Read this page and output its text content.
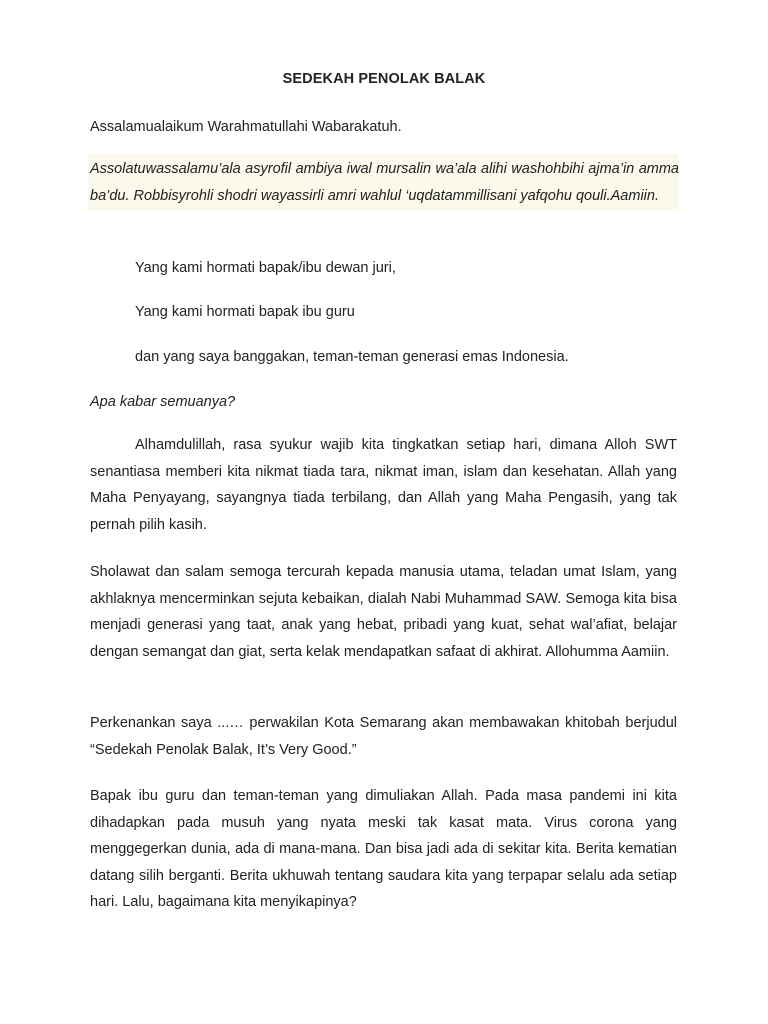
SEDEKAH PENOLAK BALAK

Assalamualaikum Warahmatullahi Wabarakatuh.

Assolatuwassalamu’ala asyrofil ambiya iwal mursalin wa’ala alihi washohbihi ajma’in amma ba’du. Robbisyrohli shodri wayassirli amri wahlul ‘uqdatammillisani yafqohu qouli.Aamiin.

Yang kami hormati bapak/ibu dewan juri,
Yang kami hormati bapak ibu guru
dan yang saya banggakan, teman-teman generasi emas Indonesia.

Apa kabar semuanya?

Alhamdulillah, rasa syukur wajib kita tingkatkan setiap hari, dimana Alloh SWT senantiasa memberi kita nikmat tiada tara, nikmat iman, islam dan kesehatan. Allah yang Maha Penyayang, sayangnya tiada terbilang, dan Allah yang Maha Pengasih, yang tak pernah pilih kasih.

Sholawat dan salam semoga tercurah kepada manusia utama, teladan umat Islam, yang akhlaknya mencerminkan sejuta kebaikan, dialah Nabi Muhammad SAW. Semoga kita bisa menjadi generasi yang taat, anak yang hebat, pribadi yang kuat, sehat wal’afiat, belajar dengan semangat dan giat, serta kelak mendapatkan safaat di akhirat. Allohumma Aamiin.

Perkenankan saya ...… perwakilan Kota Semarang akan membawakan khitobah berjudul “Sedekah Penolak Balak, It’s Very Good.”

Bapak ibu guru dan teman-teman yang dimuliakan Allah. Pada masa pandemi ini kita dihadapkan pada musuh yang nyata meski tak kasat mata. Virus corona yang menggegerkan dunia, ada di mana-mana. Dan bisa jadi ada di sekitar kita. Berita kematian datang silih berganti. Berita ukhuwah tentang saudara kita yang terpapar selalu ada setiap hari. Lalu, bagaimana kita menyikapinya?
